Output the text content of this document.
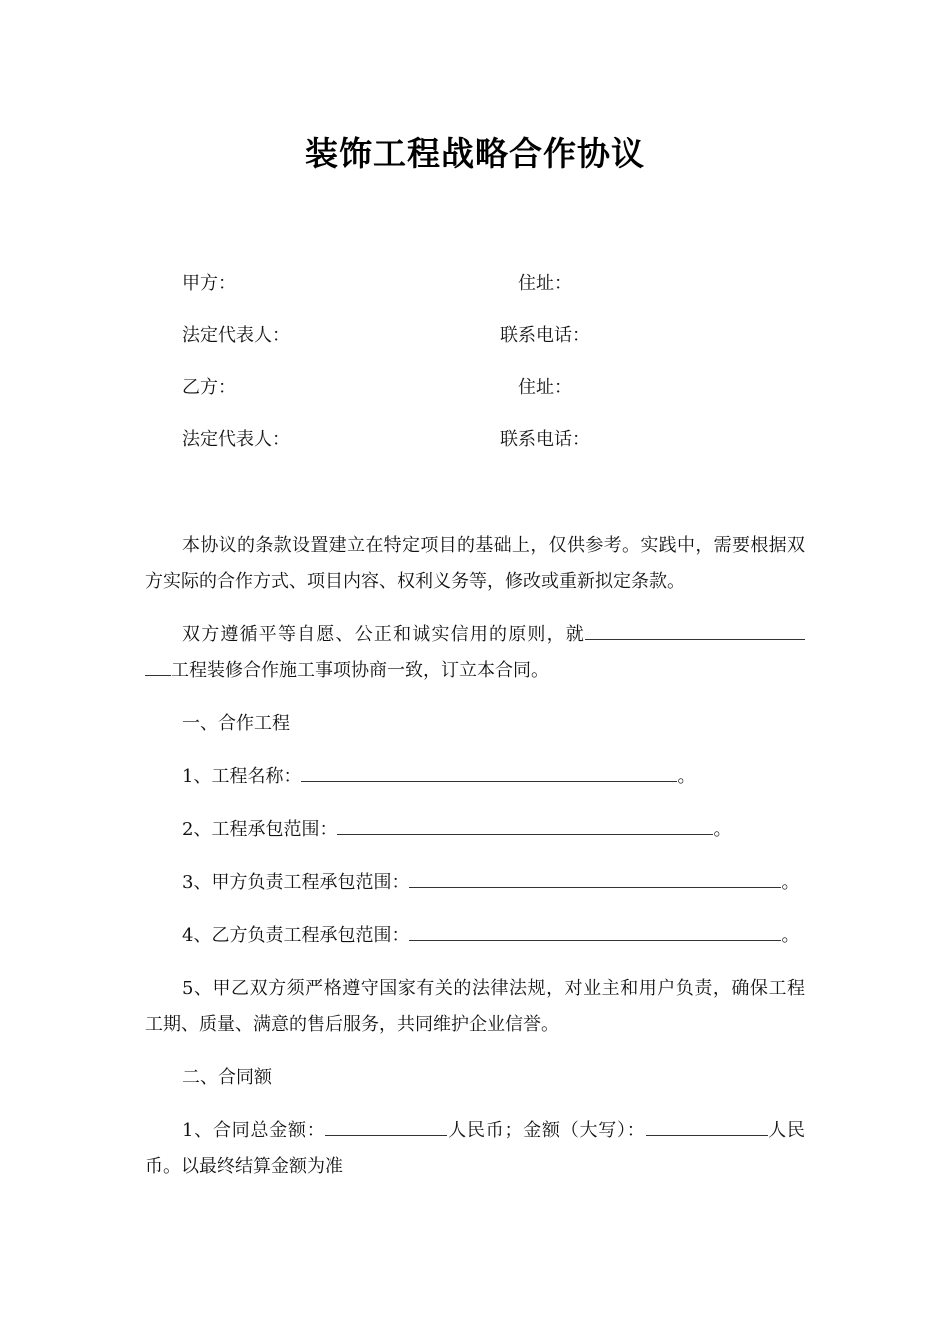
装饰工程战略合作协议
甲方：	住址：
法定代表人：	联系电话：
乙方：	住址：
法定代表人：	联系电话：

本协议的条款设置建立在特定项目的基础上，仅供参考。实践中，需要根据双方实际的合作方式、项目内容、权利义务等，修改或重新拟定条款。

双方遵循平等自愿、公正和诚实信用的原则，就工程装修合作施工事项协商一致，订立本合同。

一、合作工程

1、工程名称：	。

2、工程承包范围：	。

3、甲方负责工程承包范围：	。

4、乙方负责工程承包范围：	。

5、甲乙双方须严格遵守国家有关的法律法规，对业主和用户负责，确保工程工期、质量、满意的售后服务，共同维护企业信誉。

二、合同额

1、合同总金额：	人民币；金额（大写）：	人民币。以最终结算金额为准
